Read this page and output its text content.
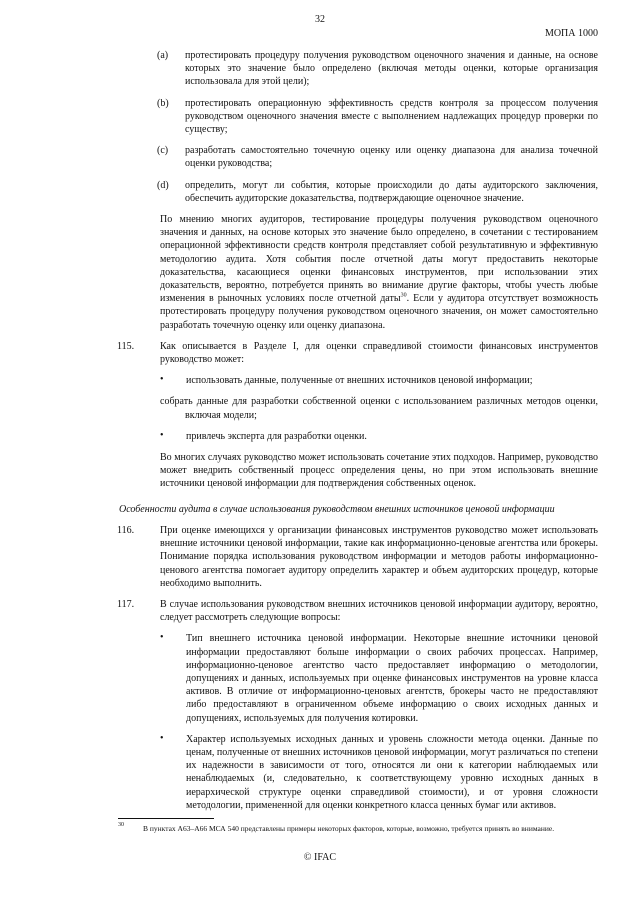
32
МОПА 1000
(a) протестировать процедуру получения руководством оценочного значения и данные, на основе которых это значение было определено (включая методы оценки, которые организация использовала для этой цели);

(b) протестировать операционную эффективность средств контроля за процессом получения руководством оценочного значения вместе с выполнением надлежащих процедур проверки по существу;

(c) разработать самостоятельно точечную оценку или оценку диапазона для анализа точечной оценки руководства;

(d) определить, могут ли события, которые происходили до даты аудиторского заключения, обеспечить аудиторские доказательства, подтверждающие оценочное значение.

По мнению многих аудиторов, тестирование процедуры получения руководством оценочного значения и данных, на основе которых это значение было определено, в сочетании с тестированием операционной эффективности средств контроля представляет собой результативную и эффективную методологию аудита. Хотя события после отчетной даты могут предоставить некоторые доказательства, касающиеся оценки финансовых инструментов, при использовании этих доказательств, вероятно, потребуется принять во внимание другие факторы, чтобы учесть любые изменения в рыночных условиях после отчетной даты$^{30}$. Если у аудитора отсутствует возможность протестировать процедуру получения руководством оценочного значения, он может самостоятельно разработать точечную оценку или оценку диапазона.

115.	Как описывается в Разделе I, для оценки справедливой стоимости финансовых инструментов руководство может:

• использовать данные, полученные от внешних источников ценовой информации;

собрать данные для разработки собственной оценки с использованием различных методов оценки, включая модели;

• привлечь эксперта для разработки оценки.

Во многих случаях руководство может использовать сочетание этих подходов. Например, руководство может внедрить собственный процесс определения цены, но при этом использовать внешние источники ценовой информации для подтверждения собственных оценок.

Особенности аудита в случае использования руководством внешних источников ценовой информации

116.	При оценке имеющихся у организации финансовых инструментов руководство может использовать внешние источники ценовой информации, такие как информационно-ценовые агентства или брокеры. Понимание порядка использования руководством информации и методов работы информационно-ценового агентства помогает аудитору определить характер и объем аудиторских процедур, которые необходимо выполнить.

117.	В случае использования руководством внешних источников ценовой информации аудитору, вероятно, следует рассмотреть следующие вопросы:

• Тип внешнего источника ценовой информации. Некоторые внешние источники ценовой информации предоставляют больше информации о своих рабочих процессах. Например, информационно-ценовое агентство часто предоставляет информацию о методологии, допущениях и данных, используемых при оценке финансовых инструментов на уровне класса активов. В отличие от информационно-ценовых агентств, брокеры часто не предоставляют либо предоставляют в ограниченном объеме информацию о своих исходных данных и допущениях, используемых для получения котировки.

• Характер используемых исходных данных и уровень сложности метода оценки. Данные по ценам, полученные от внешних источников ценовой информации, могут различаться по степени их надежности в зависимости от того, относятся ли они к категории наблюдаемых или ненаблюдаемых (и, следовательно, к соответствующему уровню исходных данных в иерархической структуре оценки справедливой стоимости), и от уровня сложности методологии, примененной для оценки конкретного класса ценных бумаг или активов.

30	В пунктах A63–A66 МСА 540 представлены примеры некоторых факторов, которые, возможно, требуется принять во внимание.
© IFAC
